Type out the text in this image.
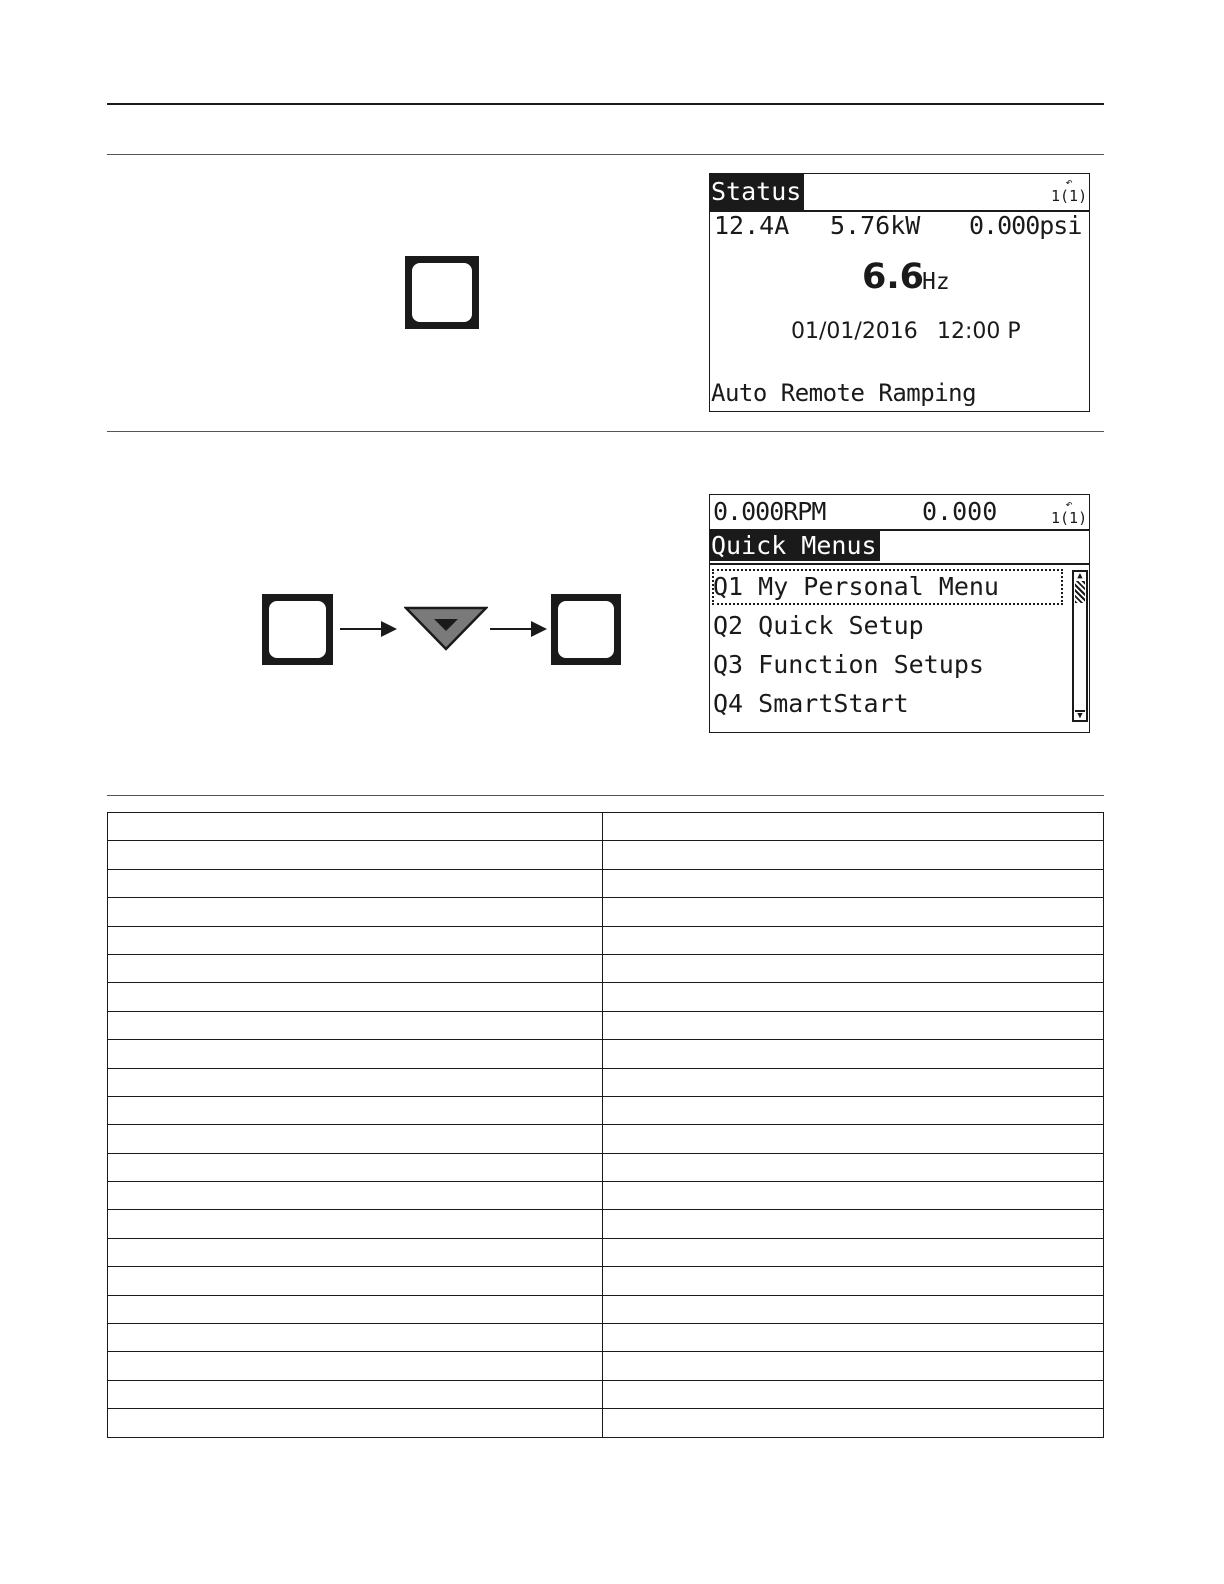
Status	↶
1(1)
12.4A 5.76kW 0.000psi
6.6
Hz
01/01/2016 12:00 P
Auto Remote Ramping
0.000RPM	0.000	↶
1(1)
Quick Menus
Q1 My Personal Menu
Q2 Quick Setup
Q3 Function Setups
Q4 SmartStart
▲
▼
